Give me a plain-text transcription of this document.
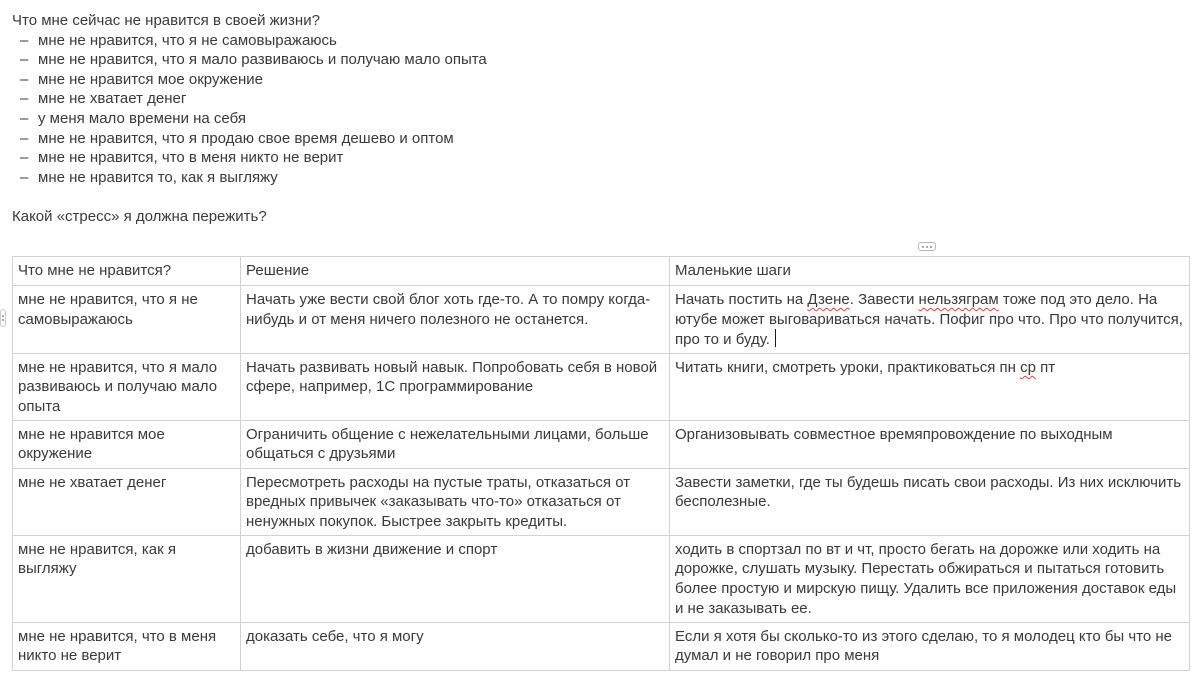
Что мне сейчас не нравится в своей жизни?

– мне не нравится, что я не самовыражаюсь
– мне не нравится, что я мало развиваюсь и получаю мало опыта
– мне не нравится мое окружение
– мне не хватает денег
– у меня мало времени на себя
– мне не нравится, что я продаю свое время дешево и оптом
– мне не нравится, что в меня никто не верит
– мне не нравится то, как я выгляжу

Какой «стресс» я должна пережить?

Что мне не нравится?	Решение	Маленькие шаги
мне не нравится, что я не самовыражаюсь	Начать уже вести свой блог хоть где-то. А то помру когда-нибудь и от меня ничего полезного не останется.	Начать постить на Дзене. Завести нельзяграм тоже под это дело. На ютубе может выговариваться начать. Пофиг про что. Про что получится, про то и буду.
мне не нравится, что я мало развиваюсь и получаю мало опыта	Начать развивать новый навык. Попробовать себя в новой сфере, например, 1С программирование	Читать книги, смотреть уроки, практиковаться пн ср пт
мне не нравится мое окружение	Ограничить общение с нежелательными лицами, больше общаться с друзьями	Организовывать совместное времяпровождение по выходным
мне не хватает денег	Пересмотреть расходы на пустые траты, отказаться от вредных привычек «заказывать что-то» отказаться от ненужных покупок. Быстрее закрыть кредиты.	Завести заметки, где ты будешь писать свои расходы. Из них исключить бесполезные.
мне не нравится, как я выгляжу	добавить в жизни движение и спорт	ходить в спортзал по вт и чт, просто бегать на дорожке или ходить на дорожке, слушать музыку. Перестать обжираться и пытаться готовить более простую и мирскую пищу. Удалить все приложения доставок еды и не заказывать ее.
мне не нравится, что в меня никто не верит	доказать себе, что я могу	Если я хотя бы сколько-то из этого сделаю, то я молодец кто бы что не думал и не говорил про меня
